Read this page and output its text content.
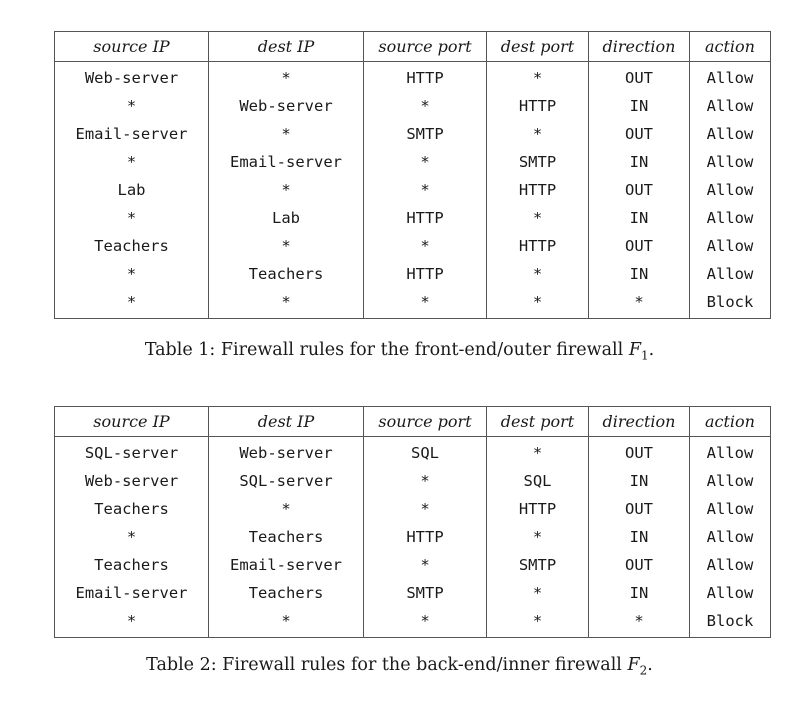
source IP	dest IP	source port	dest port	direction	action
Web-server	*	HTTP	*	OUT	Allow
*	Web-server	*	HTTP	IN	Allow
Email-server	*	SMTP	*	OUT	Allow
*	Email-server	*	SMTP	IN	Allow
Lab	*	*	HTTP	OUT	Allow
*	Lab	HTTP	*	IN	Allow
Teachers	*	*	HTTP	OUT	Allow
*	Teachers	HTTP	*	IN	Allow
*	*	*	*	*	Block
Table 1: Firewall rules for the front-end/outer firewall $F_1$.
source IP	dest IP	source port	dest port	direction	action
SQL-server	Web-server	SQL	*	OUT	Allow
Web-server	SQL-server	*	SQL	IN	Allow
Teachers	*	*	HTTP	OUT	Allow
*	Teachers	HTTP	*	IN	Allow
Teachers	Email-server	*	SMTP	OUT	Allow
Email-server	Teachers	SMTP	*	IN	Allow
*	*	*	*	*	Block
Table 2: Firewall rules for the back-end/inner firewall $F_2$.
